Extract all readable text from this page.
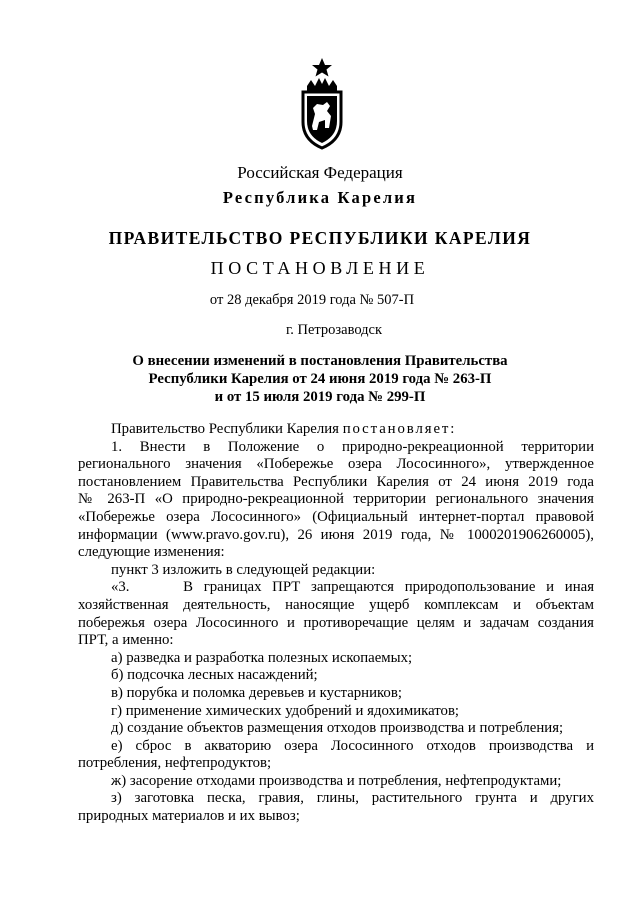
Российская Федерация
Республика Карелия
ПРАВИТЕЛЬСТВО РЕСПУБЛИКИ КАРЕЛИЯ
ПОСТАНОВЛЕНИЕ
от 28 декабря 2019 года № 507-П
г. Петрозаводск
О внесении изменений в постановления Правительства
Республики Карелия от 24 июня 2019 года № 263-П
и от 15 июля 2019 года № 299-П
Правительство Республики Карелия постановляет:
1. Внести в Положение о природно-рекреационной территории
регионального значения «Побережье озера Лососинного», утвержденное
постановлением Правительства Республики Карелия от 24 июня 2019 года
№ 263-П «О природно-рекреационной территории регионального значения
«Побережье озера Лососинного» (Официальный интернет-портал правовой
информации (www.pravo.gov.ru), 26 июня 2019 года, № 1000201906260005),
следующие изменения:
пункт 3 изложить в следующей редакции:
«3.     В границах ПРТ запрещаются природопользование и иная
хозяйственная деятельность, наносящие ущерб комплексам и объектам
побережья озера Лососинного и противоречащие целям и задачам создания
ПРТ, а именно:
а) разведка и разработка полезных ископаемых;
б) подсочка лесных насаждений;
в) порубка и поломка деревьев и кустарников;
г) применение химических удобрений и ядохимикатов;
д) создание объектов размещения отходов производства и потребления;
е) сброс в акваторию озера Лососинного отходов производства и
потребления, нефтепродуктов;
ж) засорение отходами производства и потребления, нефтепродуктами;
з) заготовка песка, гравия, глины, растительного грунта и других
природных материалов и их вывоз;
